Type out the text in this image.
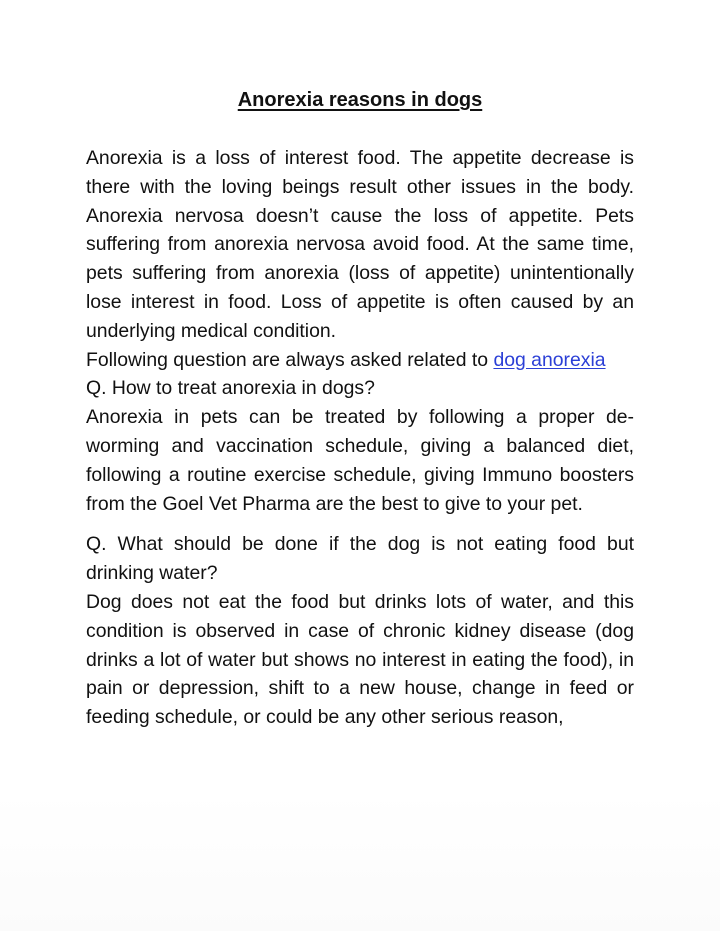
Anorexia reasons in dogs

Anorexia is a loss of interest food. The appetite decrease is there with the loving beings result other issues in the body. Anorexia nervosa doesn’t cause the loss of appetite. Pets suffering from anorexia nervosa avoid food. At the same time, pets suffering from anorexia (loss of appetite) unintentionally lose interest in food. Loss of appetite is often caused by an underlying medical condition.

Following question are always asked related to dog anorexia

Q. How to treat anorexia in dogs?

Anorexia in pets can be treated by following a proper de-worming and vaccination schedule, giving a balanced diet, following a routine exercise schedule, giving Immuno boosters from the Goel Vet Pharma are the best to give to your pet.

Q. What should be done if the dog is not eating food but drinking water?

Dog does not eat the food but drinks lots of water, and this condition is observed in case of chronic kidney disease (dog drinks a lot of water but shows no interest in eating the food), in pain or depression, shift to a new house, change in feed or feeding schedule, or could be any other serious reason,
